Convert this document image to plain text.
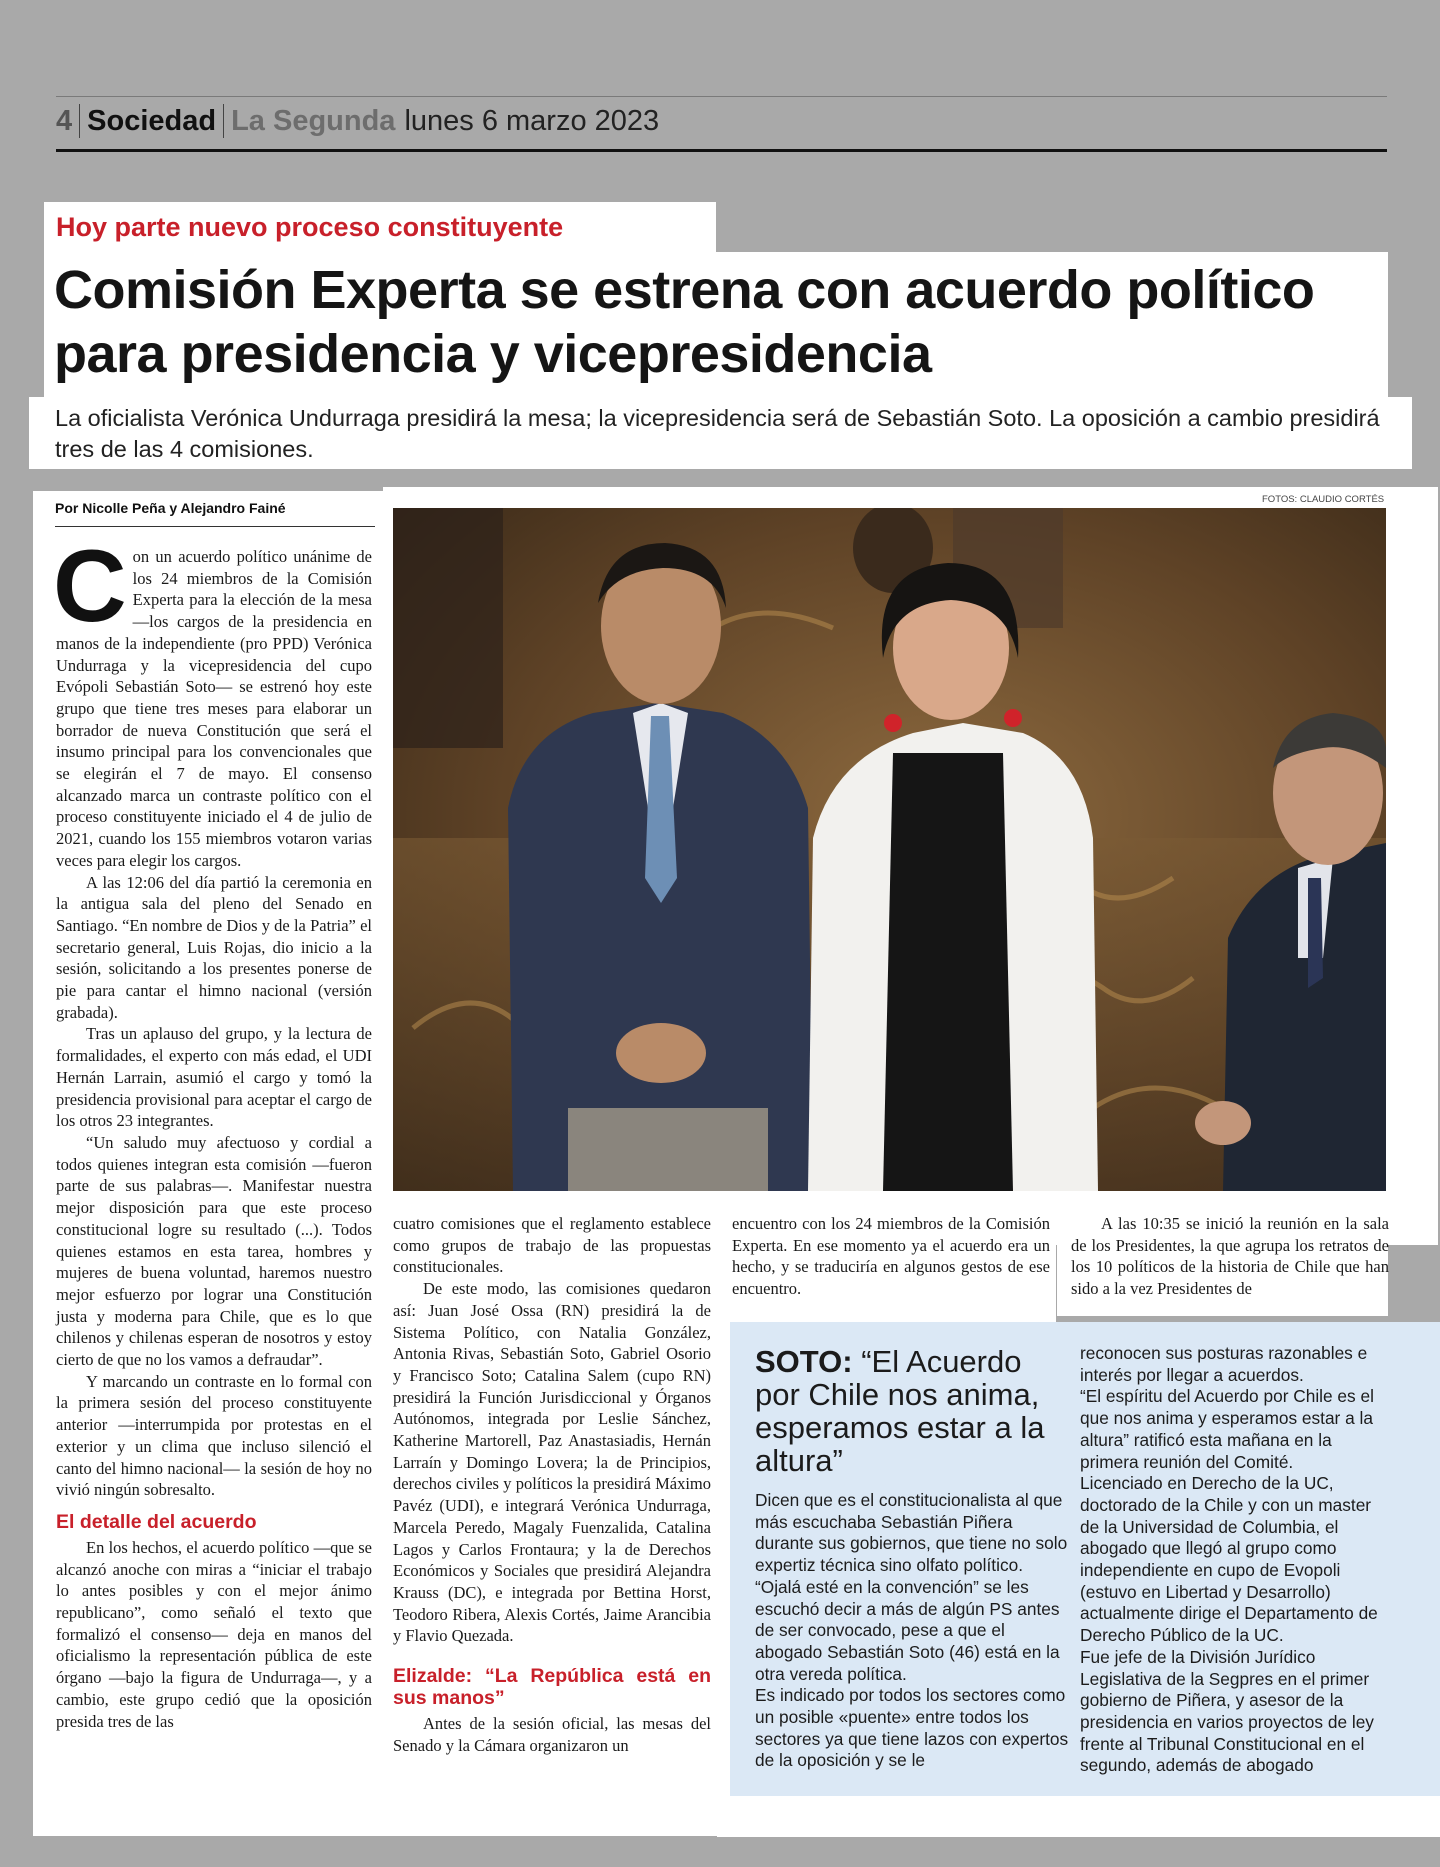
4 Sociedad La Segunda lunes 6 marzo 2023
Hoy parte nuevo proceso constituyente
Comisión Experta se estrena con acuerdo político para presidencia y vicepresidencia
La oficialista Verónica Undurraga presidirá la mesa; la vicepresidencia será de Sebastián Soto. La oposición a cambio presidirá tres de las 4 comisiones.
Por Nicolle Peña y Alejandro Fainé

Con un acuerdo político unánime de los 24 miembros de la Comisión Experta para la elección de la mesa —los cargos de la presidencia en manos de la independiente (pro PPD) Verónica Undurraga y la vicepresidencia del cupo Evópoli Sebastián Soto— se estrenó hoy este grupo que tiene tres meses para elaborar un borrador de nueva Constitución que será el insumo principal para los convencionales que se elegirán el 7 de mayo. El consenso alcanzado marca un contraste político con el proceso constituyente iniciado el 4 de julio de 2021, cuando los 155 miembros votaron varias veces para elegir los cargos.

A las 12:06 del día partió la ceremonia en la antigua sala del pleno del Senado en Santiago. “En nombre de Dios y de la Patria” el secretario general, Luis Rojas, dio inicio a la sesión, solicitando a los presentes ponerse de pie para cantar el himno nacional (versión grabada).

Tras un aplauso del grupo, y la lectura de formalidades, el experto con más edad, el UDI Hernán Larrain, asumió el cargo y tomó la presidencia provisional para aceptar el cargo de los otros 23 integrantes.

“Un saludo muy afectuoso y cordial a todos quienes integran esta comisión —fueron parte de sus palabras—. Manifestar nuestra mejor disposición para que este proceso constitucional logre su resultado (...). Todos quienes estamos en esta tarea, hombres y mujeres de buena voluntad, haremos nuestro mejor esfuerzo por lograr una Constitución justa y moderna para Chile, que es lo que chilenos y chilenas esperan de nosotros y estoy cierto de que no los vamos a defraudar”.

Y marcando un contraste en lo formal con la primera sesión del proceso constituyente anterior —interrumpida por protestas en el exterior y un clima que incluso silenció el canto del himno nacional— la sesión de hoy no vivió ningún sobresalto.

El detalle del acuerdo

En los hechos, el acuerdo político —que se alcanzó anoche con miras a “iniciar el trabajo lo antes posibles y con el mejor ánimo republicano”, como señaló el texto que formalizó el consenso— deja en manos del oficialismo la representación pública de este órgano —bajo la figura de Undurraga—, y a cambio, este grupo cedió que la oposición presida tres de las

FOTOS: CLAUDIO CORTÉS

cuatro comisiones que el reglamento establece como grupos de trabajo de las propuestas constitucionales.

De este modo, las comisiones quedaron así: Juan José Ossa (RN) presidirá la de Sistema Político, con Natalia González, Antonia Rivas, Sebastián Soto, Gabriel Osorio y Francisco Soto; Catalina Salem (cupo RN) presidirá la Función Jurisdiccional y Órganos Autónomos, integrada por Leslie Sánchez, Katherine Martorell, Paz Anastasiadis, Hernán Larraín y Domingo Lovera; la de Principios, derechos civiles y políticos la presidirá Máximo Pavéz (UDI), e integrará Verónica Undurraga, Marcela Peredo, Magaly Fuenzalida, Catalina Lagos y Carlos Frontaura; y la de Derechos Económicos y Sociales que presidirá Alejandra Krauss (DC), e integrada por Bettina Horst, Teodoro Ribera, Alexis Cortés, Jaime Arancibia y Flavio Quezada.

Elizalde: “La República está en sus manos”

Antes de la sesión oficial, las mesas del Senado y la Cámara organizaron un

encuentro con los 24 miembros de la Comisión Experta. En ese momento ya el acuerdo era un hecho, y se traduciría en algunos gestos de ese encuentro.

A las 10:35 se inició la reunión en la sala de los Presidentes, la que agrupa los retratos de los 10 políticos de la historia de Chile que han sido a la vez Presidentes de

SOTO: “El Acuerdo por Chile nos anima, esperamos estar a la altura”

Dicen que es el constitucionalista al que más escuchaba Sebastián Piñera durante sus gobiernos, que tiene no solo expertiz técnica sino olfato político. “Ojalá esté en la convención” se les escuchó decir a más de algún PS antes de ser convocado, pese a que el abogado Sebastián Soto (46) está en la otra vereda política.

Es indicado por todos los sectores como un posible «puente» entre todos los sectores ya que tiene lazos con expertos de la oposición y se le

reconocen sus posturas razonables e interés por llegar a acuerdos.

“El espíritu del Acuerdo por Chile es el que nos anima y esperamos estar a la altura” ratificó esta mañana en la primera reunión del Comité.

Licenciado en Derecho de la UC, doctorado de la Chile y con un master de la Universidad de Columbia, el abogado que llegó al grupo como independiente en cupo de Evopoli (estuvo en Libertad y Desarrollo) actualmente dirige el Departamento de Derecho Público de la UC.

Fue jefe de la División Jurídico Legislativa de la Segpres en el primer gobierno de Piñera, y asesor de la presidencia en varios proyectos de ley frente al Tribunal Constitucional en el segundo, además de abogado
